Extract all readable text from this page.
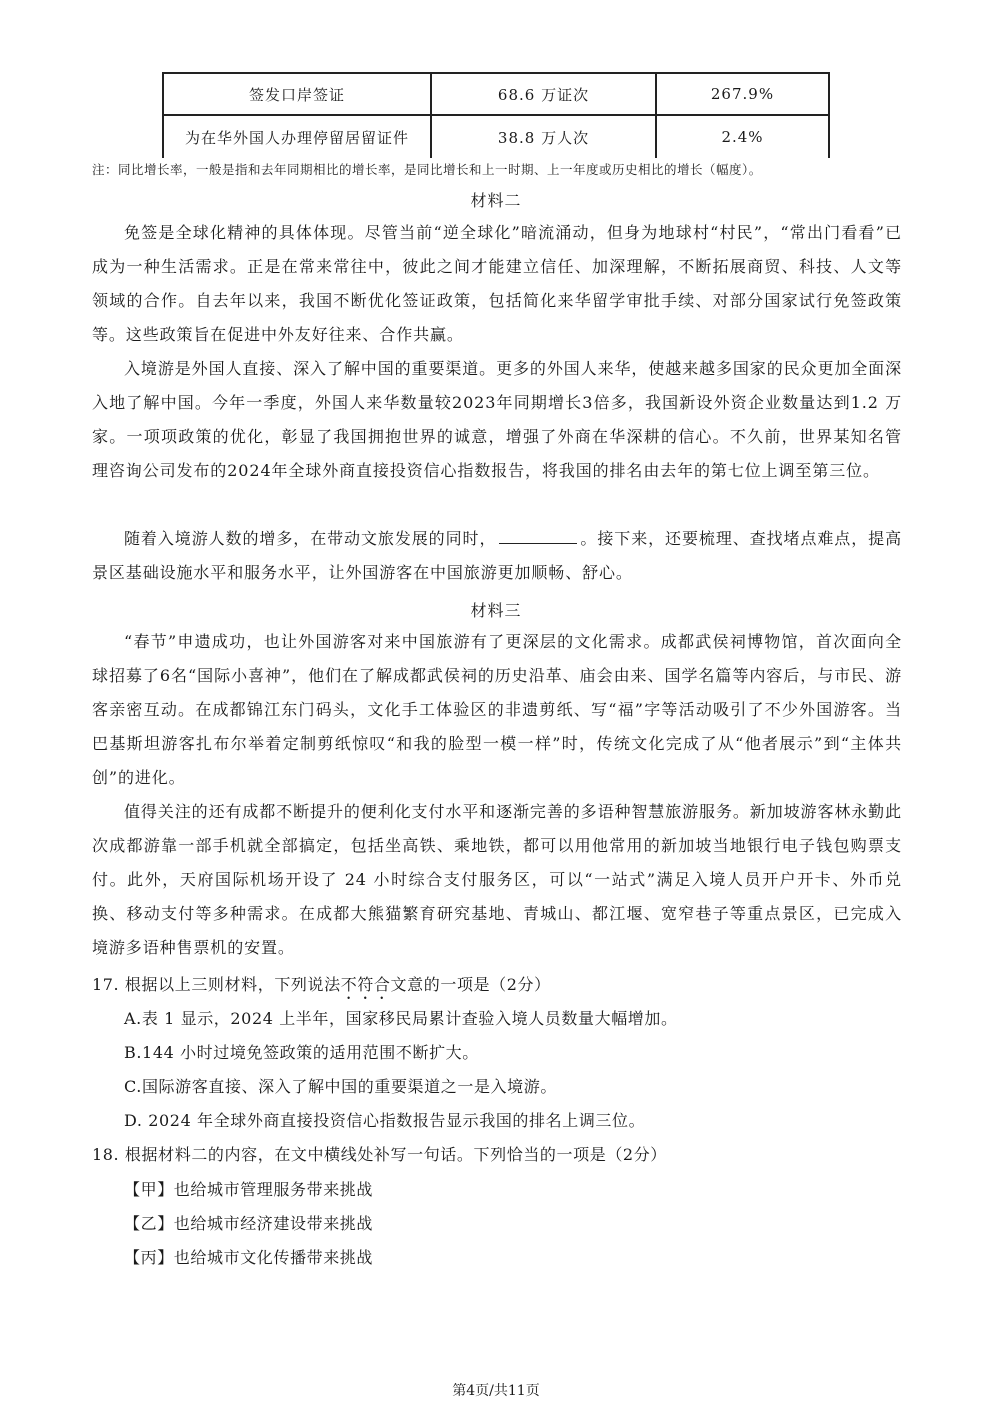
签发口岸签证	68.6 万证次	267.9%
为在华外国人办理停留居留证件	38.8 万人次	2.4%
注：同比增长率，一般是指和去年同期相比的增长率，是同比增长和上一时期、上一年度或历史相比的增长（幅度）。
材料二

免签是全球化精神的具体体现。尽管当前“逆全球化”暗流涌动，但身为地球村“村民”，“常出门看看”已成为一种生活需求。正是在常来常往中，彼此之间才能建立信任、加深理解，不断拓展商贸、科技、人文等领域的合作。自去年以来，我国不断优化签证政策，包括简化来华留学审批手续、对部分国家试行免签政策等。这些政策旨在促进中外友好往来、合作共赢。

入境游是外国人直接、深入了解中国的重要渠道。更多的外国人来华，使越来越多国家的民众更加全面深入地了解中国。今年一季度，外国人来华数量较2023年同期增长3倍多，我国新设外资企业数量达到1.2 万家。一项项政策的优化，彰显了我国拥抱世界的诚意，增强了外商在华深耕的信心。不久前，世界某知名管理咨询公司发布的2024年全球外商直接投资信心指数报告，将我国的排名由去年的第七位上调至第三位。

随着入境游人数的增多，在带动文旅发展的同时，	。接下来，还要梳理、查找堵点难点，提高景区基础设施水平和服务水平，让外国游客在中国旅游更加顺畅、舒心。

材料三

“春节”申遗成功，也让外国游客对来中国旅游有了更深层的文化需求。成都武侯祠博物馆，首次面向全球招募了6名“国际小喜神”，他们在了解成都武侯祠的历史沿革、庙会由来、国学名篇等内容后，与市民、游客亲密互动。在成都锦江东门码头，文化手工体验区的非遗剪纸、写“福”字等活动吸引了不少外国游客。当巴基斯坦游客扎布尔举着定制剪纸惊叹“和我的脸型一模一样”时，传统文化完成了从“他者展示”到“主体共创”的进化。

值得关注的还有成都不断提升的便利化支付水平和逐渐完善的多语种智慧旅游服务。新加坡游客林永勤此次成都游靠一部手机就全部搞定，包括坐高铁、乘地铁，都可以用他常用的新加坡当地银行电子钱包购票支付。此外，天府国际机场开设了 24 小时综合支付服务区，可以“一站式”满足入境人员开户开卡、外币兑换、移动支付等多种需求。在成都大熊猫繁育研究基地、青城山、都江堰、宽窄巷子等重点景区，已完成入境游多语种售票机的安置。

17. 根据以上三则材料，下列说法不符合文意的一项是（2分）
A.表 1 显示，2024 上半年，国家移民局累计查验入境人员数量大幅增加。
B.144 小时过境免签政策的适用范围不断扩大。
C.国际游客直接、深入了解中国的重要渠道之一是入境游。
D. 2024 年全球外商直接投资信心指数报告显示我国的排名上调三位。
18. 根据材料二的内容，在文中横线处补写一句话。下列恰当的一项是（2分）
【甲】也给城市管理服务带来挑战
【乙】也给城市经济建设带来挑战
【丙】也给城市文化传播带来挑战
第4页/共11页
